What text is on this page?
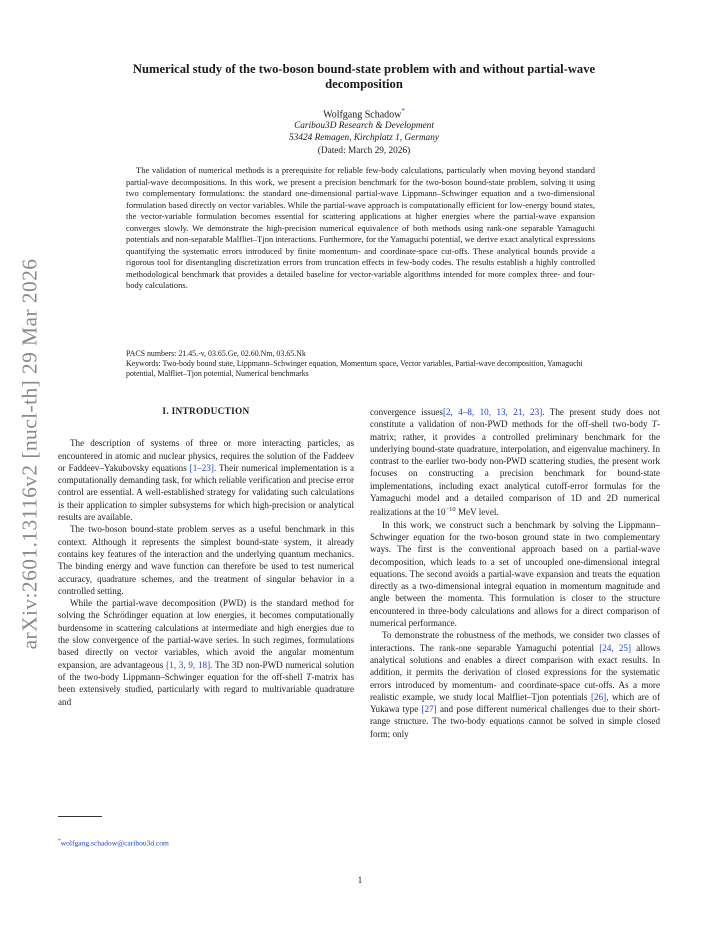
arXiv:2601.13116v2 [nucl-th] 29 Mar 2026
Numerical study of the two-boson bound-state problem with and without partial-wave
decomposition
Wolfgang Schadow*
Caribou3D Research & Development
53424 Remagen, Kirchplatz 1, Germany
(Dated: March 29, 2026)
The validation of numerical methods is a prerequisite for reliable few-body calculations, particularly when moving beyond standard partial-wave decompositions. In this work, we present a precision benchmark for the two-boson bound-state problem, solving it using two complementary formulations: the standard one-dimensional partial-wave Lippmann–Schwinger equation and a two-dimensional formulation based directly on vector variables. While the partial-wave approach is computationally efficient for low-energy bound states, the vector-variable formulation becomes essential for scattering applications at higher energies where the partial-wave expansion converges slowly. We demonstrate the high-precision numerical equivalence of both methods using rank-one separable Yamaguchi potentials and non-separable Malfliet–Tjon interactions. Furthermore, for the Yamaguchi potential, we derive exact analytical expressions quantifying the systematic errors introduced by finite momentum- and coordinate-space cut-offs. These analytical bounds provide a rigorous tool for disentangling discretization errors from truncation effects in few-body codes. The results establish a highly controlled methodological benchmark that provides a detailed baseline for vector-variable algorithms intended for more complex three- and four-body calculations.
PACS numbers: 21.45.-v, 03.65.Ge, 02.60.Nm, 03.65.Nk
Keywords: Two-body bound state, Lippmann–Schwinger equation, Momentum space, Vector variables, Partial-wave decomposition, Yamaguchi potential, Malfliet–Tjon potential, Numerical benchmarks
I. INTRODUCTION

The description of systems of three or more interacting particles, as encountered in atomic and nuclear physics, requires the solution of the Faddeev or Faddeev–Yakubovsky equations [1–23]. Their numerical implementation is a computationally demanding task, for which reliable verification and precise error control are essential. A well-established strategy for validating such calculations is their application to simpler subsystems for which high-precision or analytical results are available.

The two-boson bound-state problem serves as a useful benchmark in this context. Although it represents the simplest bound-state system, it already contains key features of the interaction and the underlying quantum mechanics. The binding energy and wave function can therefore be used to test numerical accuracy, quadrature schemes, and the treatment of singular behavior in a controlled setting.

While the partial-wave decomposition (PWD) is the standard method for solving the Schrödinger equation at low energies, it becomes computationally burdensome in scattering calculations at intermediate and high energies due to the slow convergence of the partial-wave series. In such regimes, formulations based directly on vector variables, which avoid the angular momentum expansion, are advantageous [1, 3, 9, 18]. The 3D non-PWD numerical solution of the two-body Lippmann–Schwinger equation for the off-shell T-matrix has been extensively studied, particularly with regard to multivariable quadrature and

convergence issues[2, 4–8, 10, 13, 21, 23]. The present study does not constitute a validation of non-PWD methods for the off-shell two-body T-matrix; rather, it provides a controlled preliminary benchmark for the underlying bound-state quadrature, interpolation, and eigenvalue machinery. In contrast to the earlier two-body non-PWD scattering studies, the present work focuses on constructing a precision benchmark for bound-state implementations, including exact analytical cutoff-error formulas for the Yamaguchi model and a detailed comparison of 1D and 2D numerical realizations at the $10^{-10}$ MeV level.

In this work, we construct such a benchmark by solving the Lippmann–Schwinger equation for the two-boson ground state in two complementary ways. The first is the conventional approach based on a partial-wave decomposition, which leads to a set of uncoupled one-dimensional integral equations. The second avoids a partial-wave expansion and treats the equation directly as a two-dimensional integral equation in momentum magnitude and angle between the momenta. This formulation is closer to the structure encountered in three-body calculations and allows for a direct comparison of numerical performance.

To demonstrate the robustness of the methods, we consider two classes of interactions. The rank-one separable Yamaguchi potential [24, 25] allows analytical solutions and enables a direct comparison with exact results. In addition, it permits the derivation of closed expressions for the systematic errors introduced by momentum- and coordinate-space cut-offs. As a more realistic example, we study local Malfliet–Tjon potentials [26], which are of Yukawa type [27] and pose different numerical challenges due to their short-range structure. The two-body equations cannot be solved in simple closed form; only

*wolfgang.schadow@caribou3d.com
1
